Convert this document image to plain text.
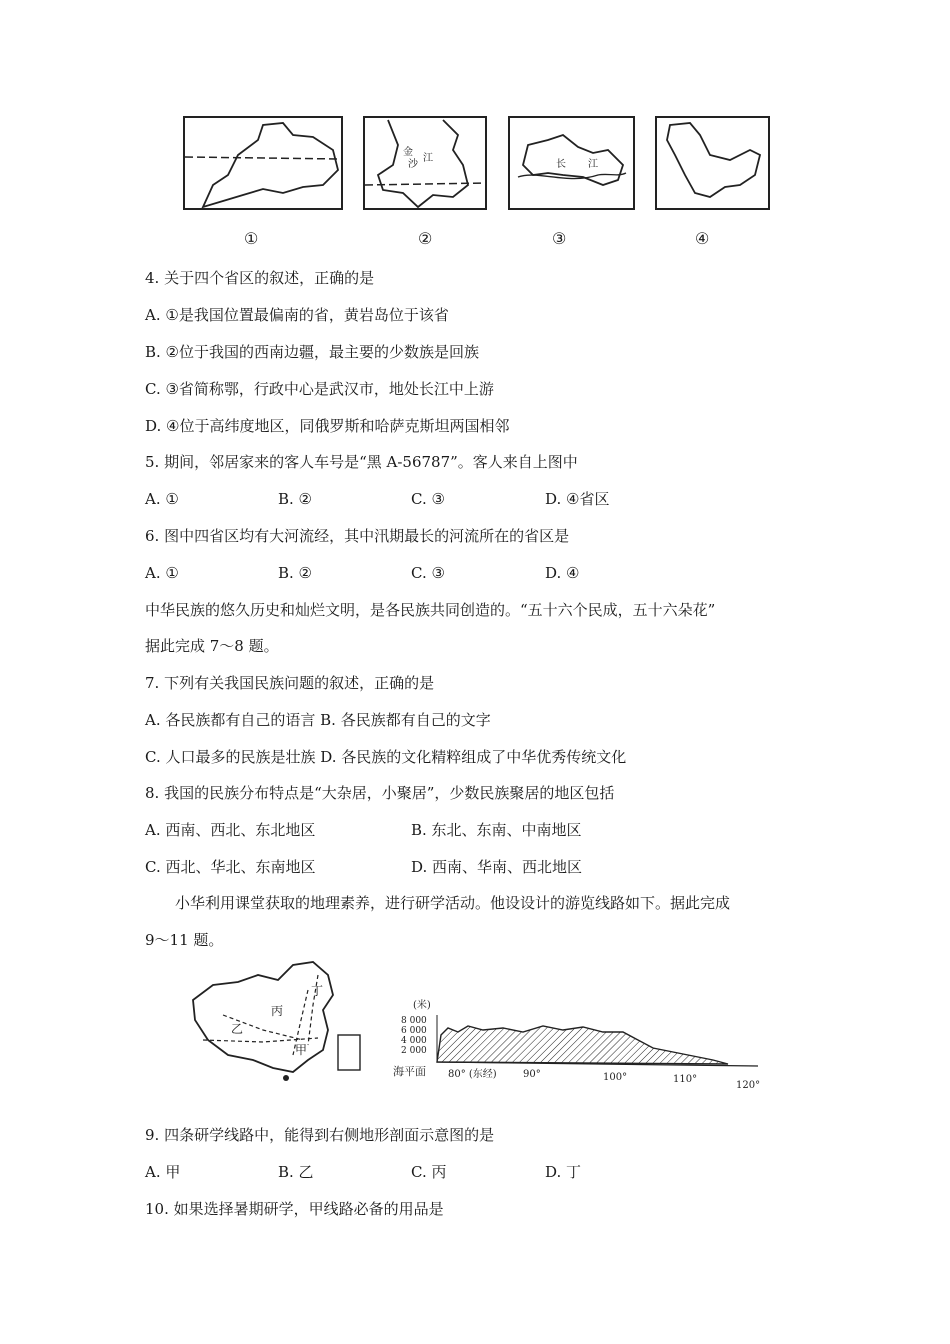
金
沙
江
长 江
①	②	③	④
4. 关于四个省区的叙述，正确的是
A. ①是我国位置最偏南的省，黄岩岛位于该省
B. ②位于我国的西南边疆，最主要的少数族是回族
C. ③省简称鄂，行政中心是武汉市，地处长江中上游
D. ④位于高纬度地区，同俄罗斯和哈萨克斯坦两国相邻
5. 期间，邻居家来的客人车号是“黑 A-56787”。客人来自上图中
A. ①	B. ②	C. ③	D. ④省区
6. 图中四省区均有大河流经，其中汛期最长的河流所在的省区是
A. ①	B. ②	C. ③	D. ④
中华民族的悠久历史和灿烂文明，是各民族共同创造的。“五十六个民成，五十六朵花”
据此完成 7～8 题。
7. 下列有关我国民族问题的叙述，正确的是
A. 各民族都有自己的语言 B. 各民族都有自己的文字
C. 人口最多的民族是壮族 D. 各民族的文化精粹组成了中华优秀传统文化
8. 我国的民族分布特点是“大杂居，小聚居”，少数民族聚居的地区包括
A. 西南、西北、东北地区	B. 东北、东南、中南地区
C. 西北、华北、东南地区	D. 西南、华南、西北地区
小华利用课堂获取的地理素养，进行研学活动。他设设计的游览线路如下。据此完成
9～11 题。
丁
丙
乙
甲
(米)
8 000
6 000
4 000
2 000
海平面 80° (东经)	90°	100°	110°
120°
9. 四条研学线路中，能得到右侧地形剖面示意图的是
A. 甲	B. 乙	C. 丙	D. 丁
10. 如果选择暑期研学，甲线路必备的用品是
